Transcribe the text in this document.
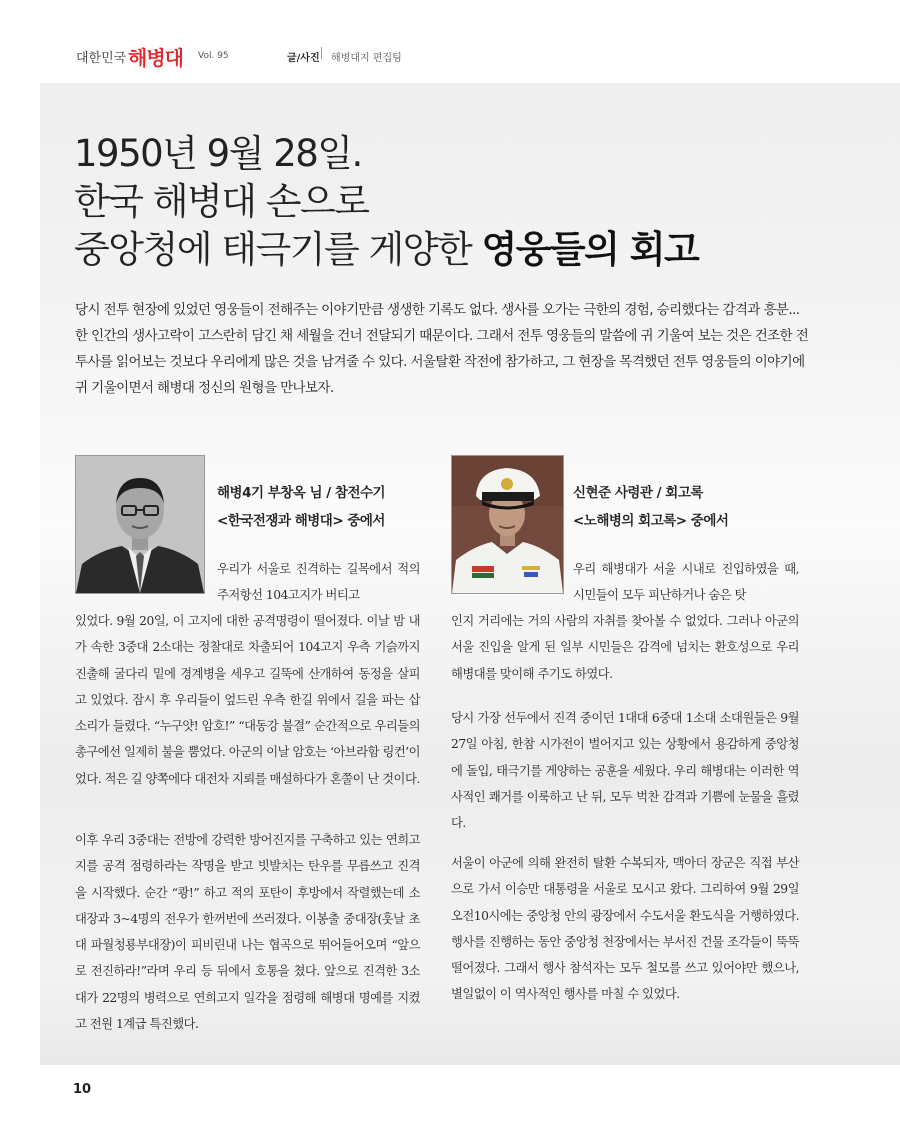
대한민국 해병대 Vol. 95	글/사진 해병대지 편집팀
1950년 9월 28일.
한국 해병대 손으로
중앙청에 태극기를 게양한 영웅들의 회고
당시 전투 현장에 있었던 영웅들이 전해주는 이야기만큼 생생한 기록도 없다. 생사를 오가는 극한의 경험, 승리했다는 감격과 흥분...한 인간의 생사고락이 고스란히 담긴 채 세월을 건너 전달되기 때문이다. 그래서 전투 영웅들의 말씀에 귀 기울여 보는 것은 건조한 전투사를 읽어보는 것보다 우리에게 많은 것을 남겨줄 수 있다. 서울탈환 작전에 참가하고, 그 현장을 목격했던 전투 영웅들의 이야기에 귀 기울이면서 해병대 정신의 원형을 만나보자.
해병4기 부창옥 님 / 참전수기
<한국전쟁과 해병대> 중에서
신현준 사령관 / 회고록
<노해병의 회고록> 중에서
우리가 서울로 진격하는 길목에서 적의 주저항선 104고지가 버티고
있었다. 9월 20일, 이 고지에 대한 공격명령이 떨어졌다. 이날 밤 내가 속한 3중대 2소대는 정찰대로 차출되어 104고지 우측 기슭까지 진출해 굴다리 밑에 경계병을 세우고 길뚝에 산개하여 동정을 살피고 있었다. 잠시 후 우리들이 엎드린 우측 한길 위에서 길을 파는 삽소리가 들렸다. “누구얏! 암호!” “대동강 불결” 순간적으로 우리들의 총구에선 일제히 불을 뿜었다. 아군의 이날 암호는 ‘아브라함 링컨’이었다. 적은 길 양쪽에다 대전차 지뢰를 매설하다가 혼쭐이 난 것이다.
이후 우리 3중대는 전방에 강력한 방어진지를 구축하고 있는 연희고지를 공격 점령하라는 작명을 받고 빗발치는 탄우를 무릅쓰고 진격을 시작했다. 순간 “쾅!” 하고 적의 포탄이 후방에서 작렬했는데 소대장과 3~4명의 전우가 한꺼번에 쓰러졌다. 이봉출 중대장(훗날 초대 파월청룡부대장)이 피비린내 나는 협곡으로 뛰어들어오며 “앞으로 전진하라!”라며 우리 등 뒤에서 호통을 쳤다. 앞으로 진격한 3소대가 22명의 병력으로 연희고지 일각을 점령해 해병대 명예를 지켰고 전원 1계급 특진했다.
우리 해병대가 서울 시내로 진입하였을 때, 시민들이 모두 피난하거나 숨은 탓
인지 거리에는 거의 사람의 자취를 찾아볼 수 없었다. 그러나 아군의 서울 진입을 알게 된 일부 시민들은 감격에 넘치는 환호성으로 우리 해병대를 맞이해 주기도 하였다.
당시 가장 선두에서 진격 중이던 1대대 6중대 1소대 소대원들은 9월 27일 아침, 한참 시가전이 벌어지고 있는 상황에서 용감하게 중앙청에 돌입, 태극기를 게양하는 공훈을 세웠다. 우리 해병대는 이러한 역사적인 쾌거를 이룩하고 난 뒤, 모두 벅찬 감격과 기쁨에 눈물을 흘렸다.
서울이 아군에 의해 완전히 탈환 수복되자, 맥아더 장군은 직접 부산으로 가서 이승만 대통령을 서울로 모시고 왔다. 그리하여 9월 29일 오전10시에는 중앙청 안의 광장에서 수도서울 환도식을 거행하였다. 행사를 진행하는 동안 중앙청 천장에서는 부서진 건물 조각들이 뚝뚝 떨어졌다. 그래서 행사 참석자는 모두 철모를 쓰고 있어야만 했으나, 별일없이 이 역사적인 행사를 마칠 수 있었다.
10
